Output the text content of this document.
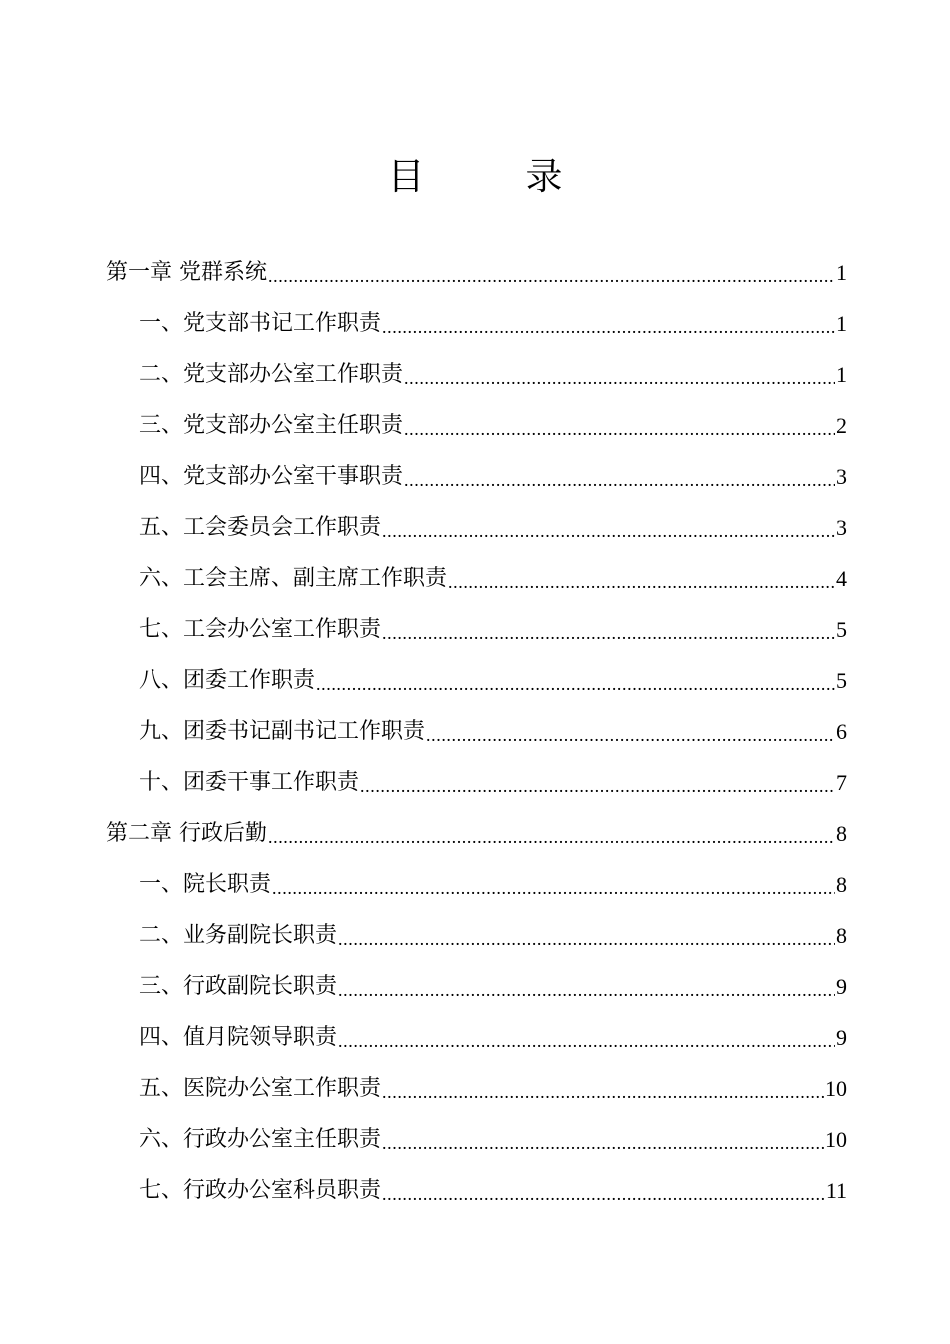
目　录
第一章 党群系统 .....	1
一、党支部书记工作职责 .....	1
二、党支部办公室工作职责 .....	1
三、党支部办公室主任职责 .....	2
四、党支部办公室干事职责 .....	3
五、工会委员会工作职责 .....	3
六、工会主席、副主席工作职责 .....	4
七、工会办公室工作职责 .....	5
八、团委工作职责 .....	5
九、团委书记副书记工作职责 .....	6
十、团委干事工作职责 .....	7
第二章 行政后勤 .....	8
一、院长职责 .....	8
二、业务副院长职责 .....	8
三、行政副院长职责 .....	9
四、值月院领导职责 .....	9
五、医院办公室工作职责 .....	10
六、行政办公室主任职责 .....	10
七、行政办公室科员职责 .....	11
